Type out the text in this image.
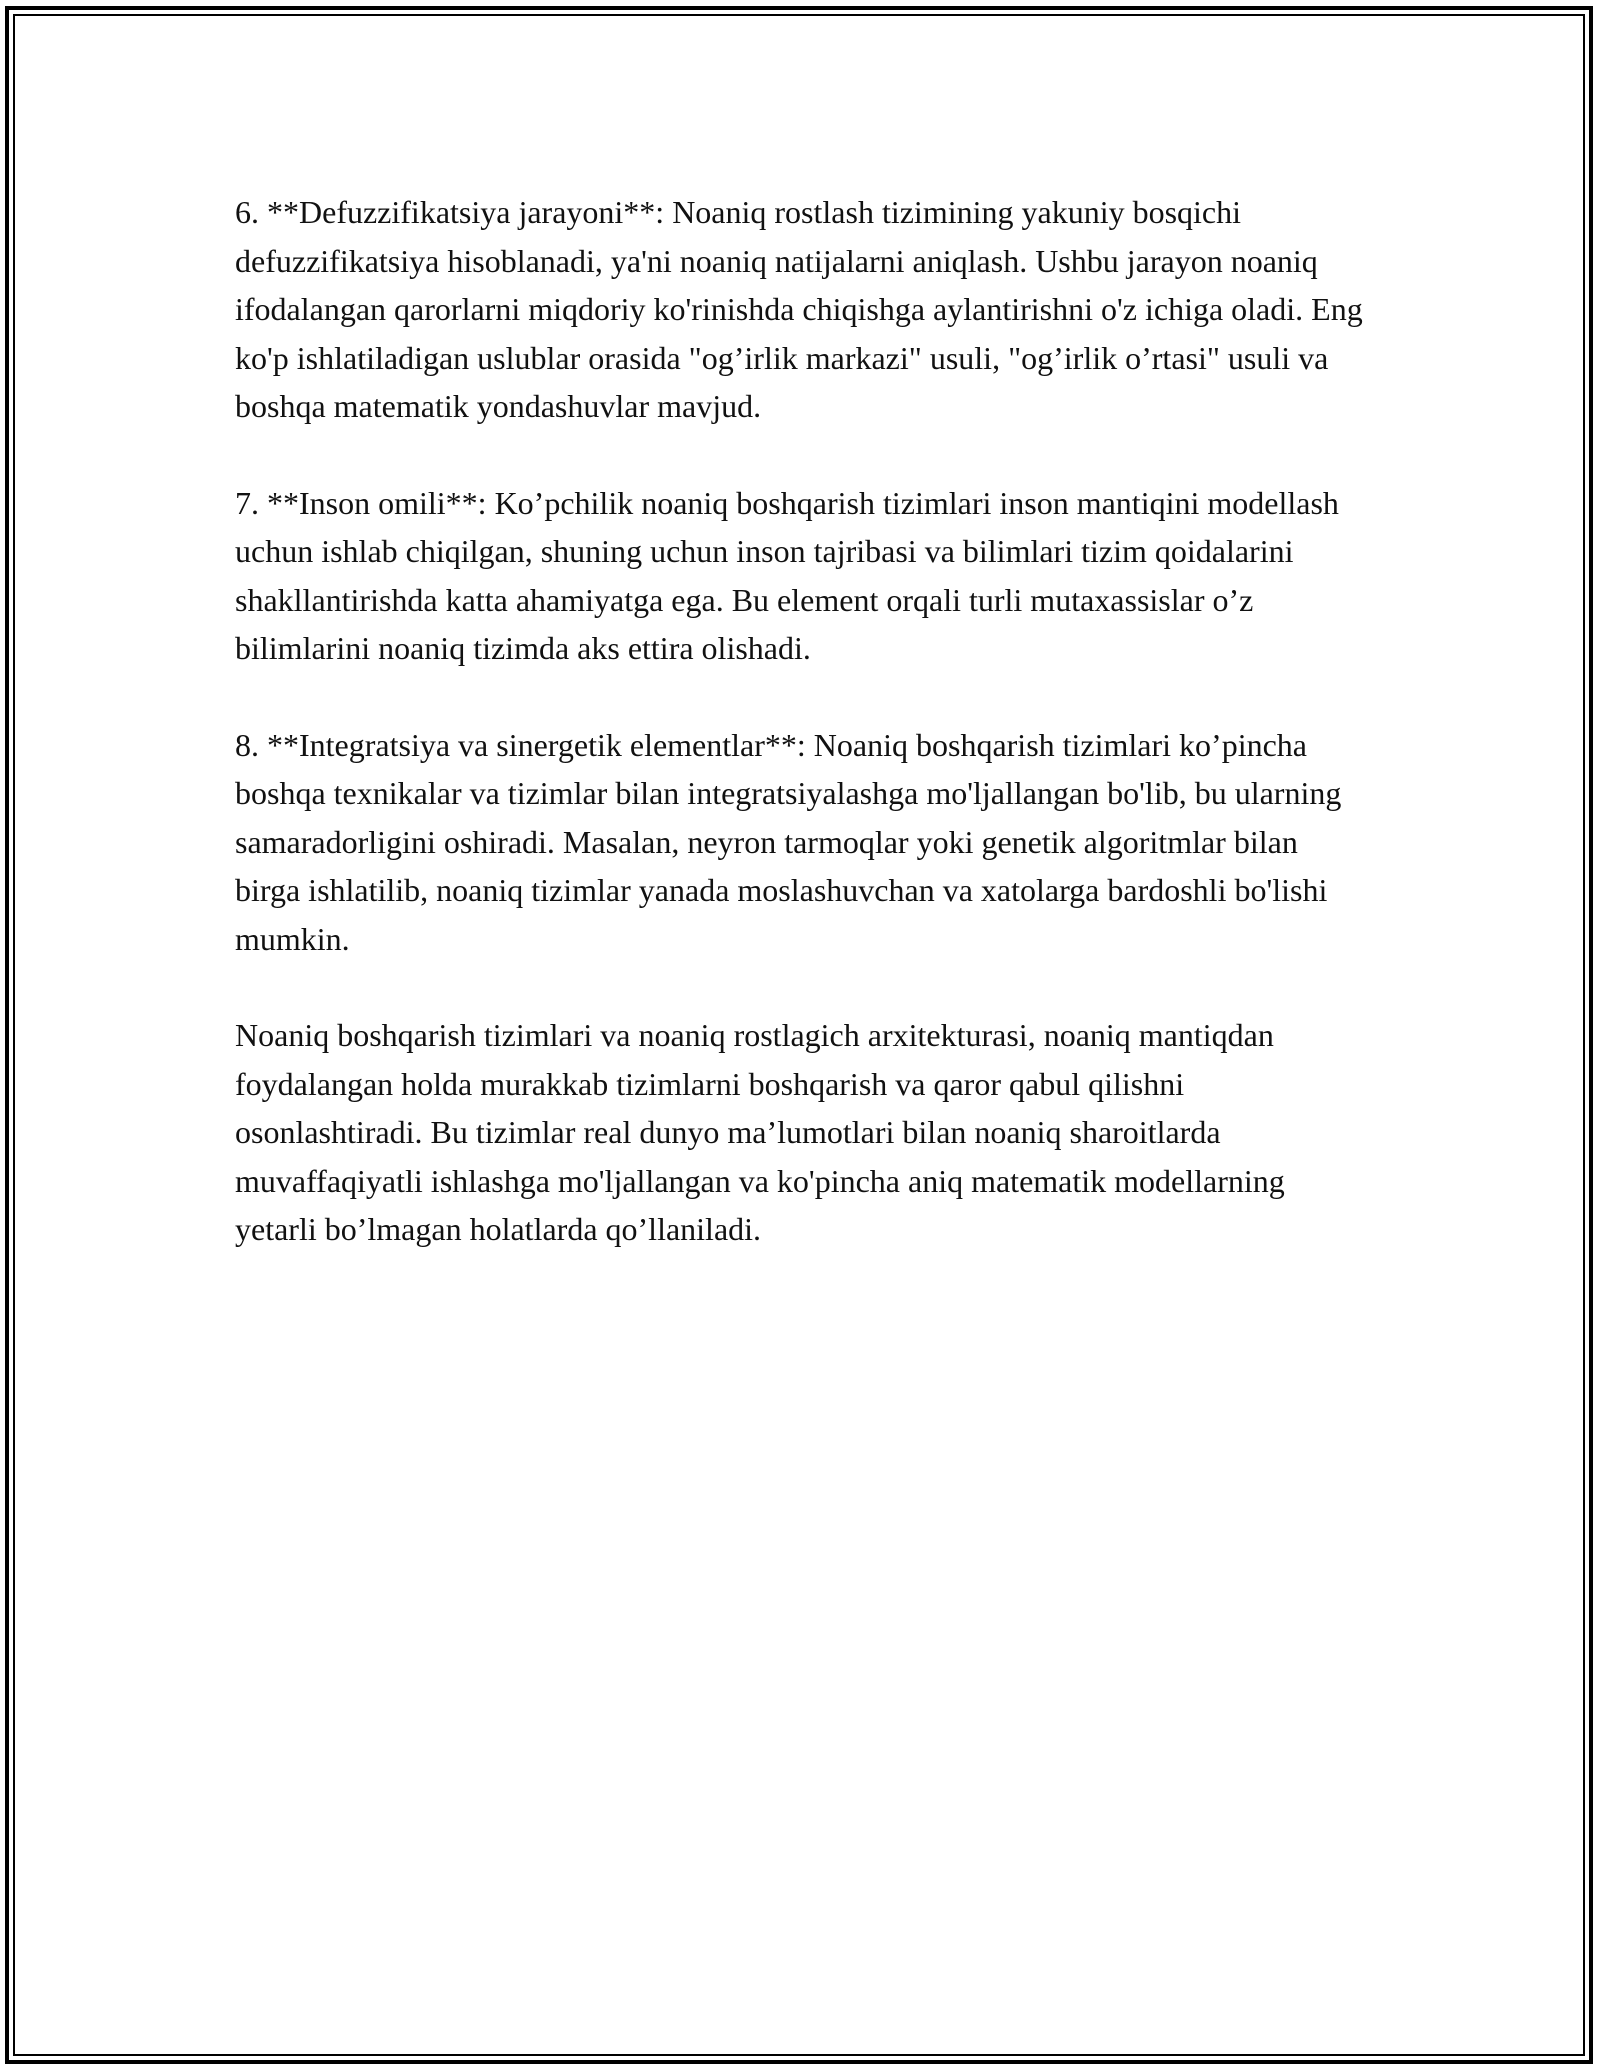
6. **Defuzzifikatsiya jarayoni**: Noaniq rostlash tizimining yakuniy bosqichi defuzzifikatsiya hisoblanadi, ya'ni noaniq natijalarni aniqlash. Ushbu jarayon noaniq ifodalangan qarorlarni miqdoriy ko'rinishda chiqishga aylantirishni o'z ichiga oladi. Eng ko'p ishlatiladigan uslublar orasida "og’irlik markazi" usuli, "og’irlik o’rtasi" usuli va boshqa matematik yondashuvlar mavjud.

7. **Inson omili**: Ko’pchilik noaniq boshqarish tizimlari inson mantiqini modellash uchun ishlab chiqilgan, shuning uchun inson tajribasi va bilimlari tizim qoidalarini shakllantirishda katta ahamiyatga ega. Bu element orqali turli mutaxassislar o’z bilimlarini noaniq tizimda aks ettira olishadi.

8. **Integratsiya va sinergetik elementlar**: Noaniq boshqarish tizimlari ko’pincha boshqa texnikalar va tizimlar bilan integratsiyalashga mo'ljallangan bo'lib, bu ularning samaradorligini oshiradi. Masalan, neyron tarmoqlar yoki genetik algoritmlar bilan birga ishlatilib, noaniq tizimlar yanada moslashuvchan va xatolarga bardoshli bo'lishi mumkin.

Noaniq boshqarish tizimlari va noaniq rostlagich arxitekturasi, noaniq mantiqdan foydalangan holda murakkab tizimlarni boshqarish va qaror qabul qilishni osonlashtiradi. Bu tizimlar real dunyo ma’lumotlari bilan noaniq sharoitlarda muvaffaqiyatli ishlashga mo'ljallangan va ko'pincha aniq matematik modellarning yetarli bo’lmagan holatlarda qo’llaniladi.
